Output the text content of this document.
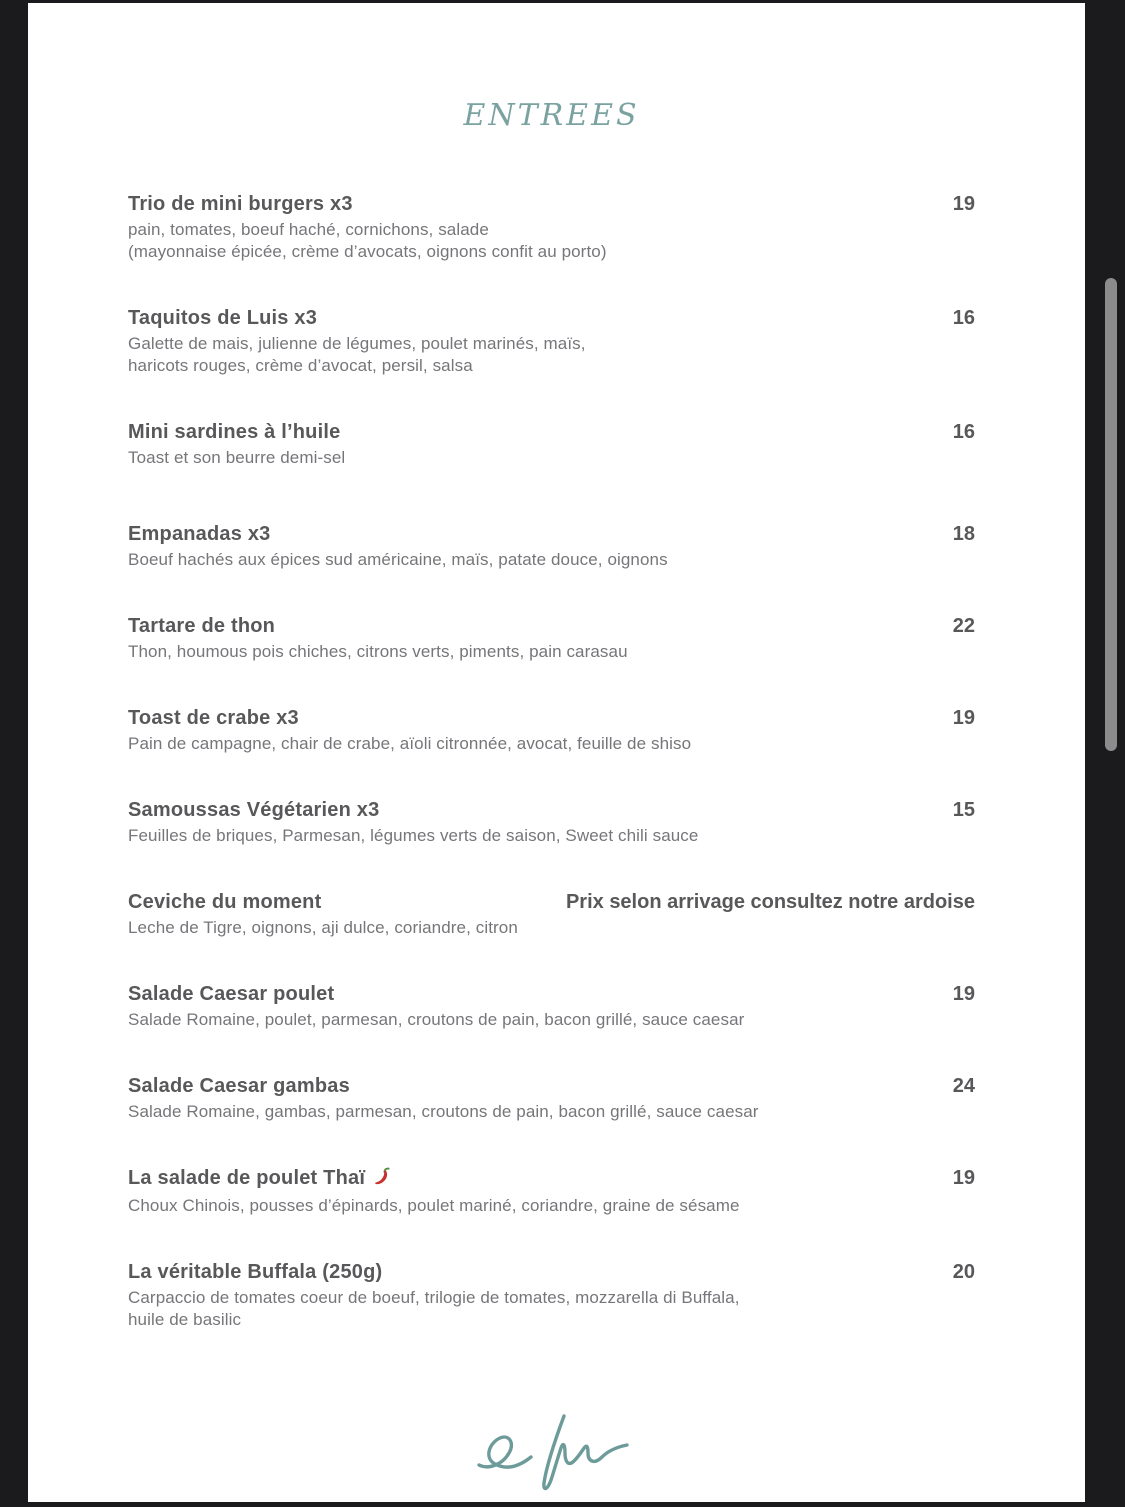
ENTREES
Trio de mini burgers x3	19
pain, tomates, boeuf haché, cornichons, salade
(mayonnaise épicée, crème d’avocats, oignons confit au porto)
Taquitos de Luis x3	16
Galette de mais, julienne de légumes, poulet marinés, maïs,
haricots rouges, crème d’avocat, persil, salsa
Mini sardines à l’huile	16
Toast et son beurre demi-sel
Empanadas x3	18
Boeuf hachés aux épices sud américaine, maïs, patate douce, oignons
Tartare de thon	22
Thon, houmous pois chiches, citrons verts, piments, pain carasau
Toast de crabe x3	19
Pain de campagne, chair de crabe, aïoli citronnée, avocat, feuille de shiso
Samoussas Végétarien x3	15
Feuilles de briques, Parmesan, légumes verts de saison, Sweet chili sauce
Ceviche du moment	Prix selon arrivage consultez notre ardoise
Leche de Tigre, oignons, aji dulce, coriandre, citron
Salade Caesar poulet	19
Salade Romaine, poulet, parmesan, croutons de pain, bacon grillé, sauce caesar
Salade Caesar gambas	24
Salade Romaine, gambas, parmesan, croutons de pain, bacon grillé, sauce caesar
La salade de poulet Thaï	19
Choux Chinois, pousses d’épinards, poulet mariné, coriandre, graine de sésame
La véritable Buffala (250g)	20
Carpaccio de tomates coeur de boeuf, trilogie de tomates, mozzarella di Buffala,
huile de basilic
